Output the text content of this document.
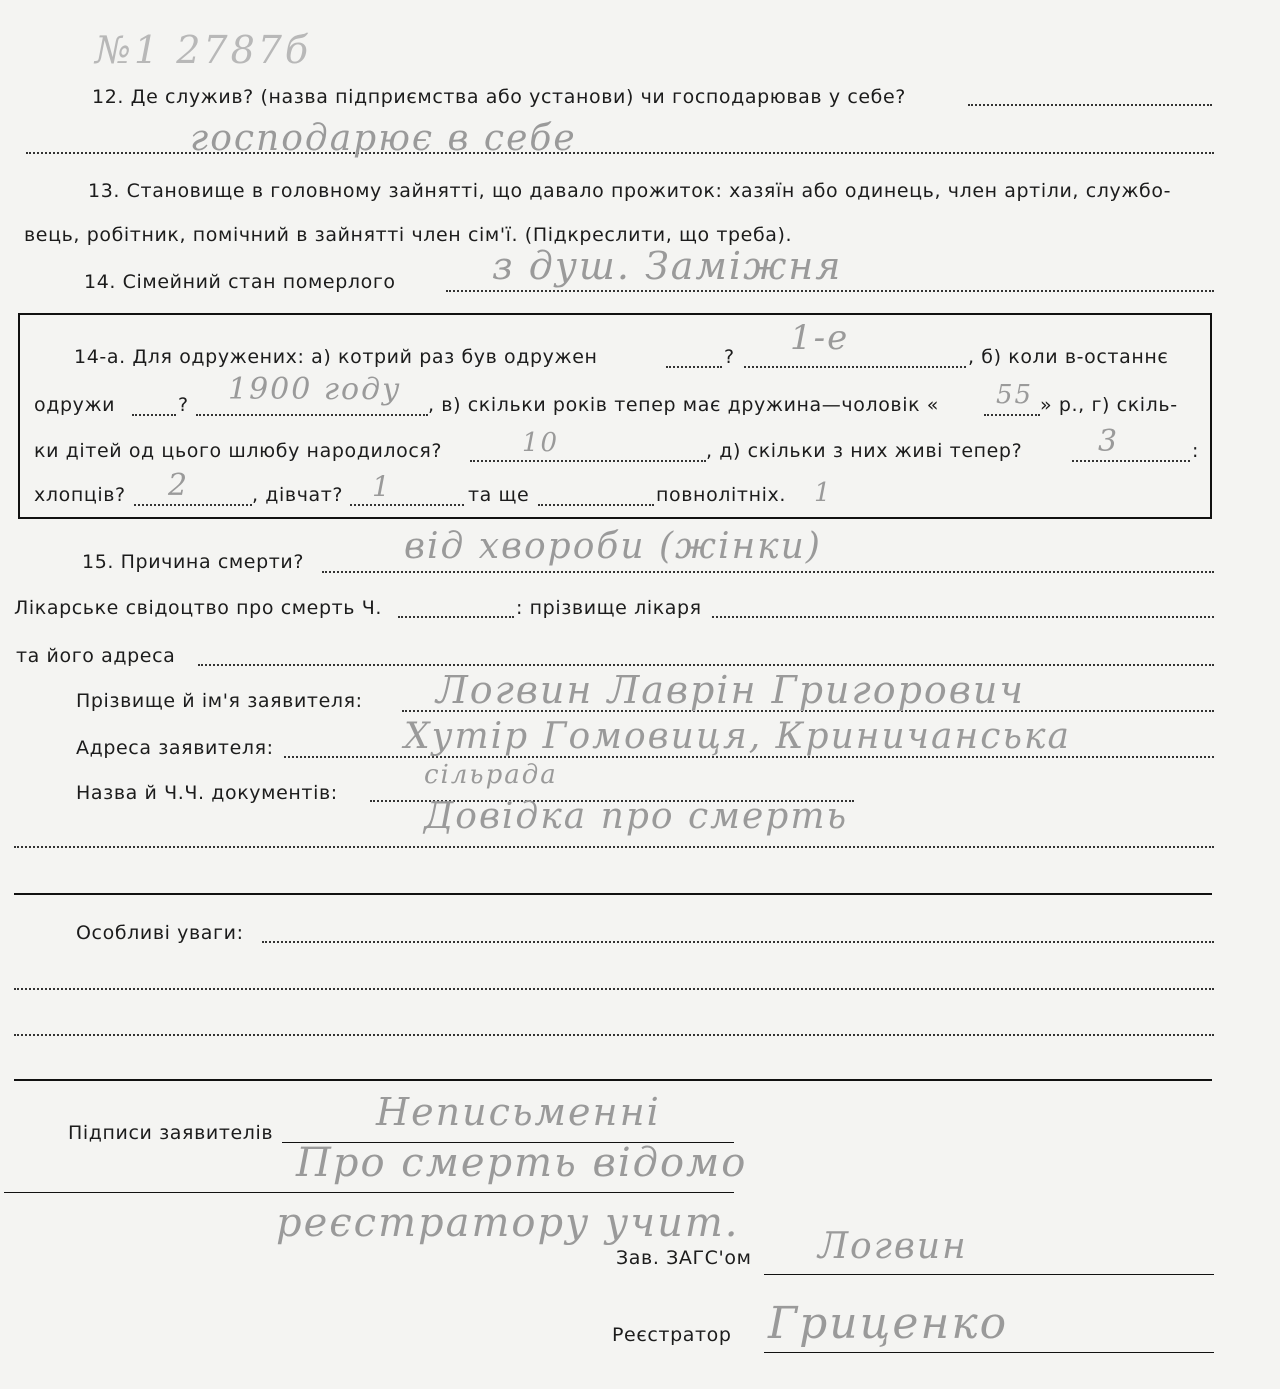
№1 2787б
12. Де служив? (назва підприємства або установи) чи господарював у себе?
господарює в себе
13. Становище в головному зайнятті, що давало прожиток: хазяїн або одинець, член артіли, службо-
вець, робітник, помічний в зайнятті член сім'ї. (Підкреслити, що треба).
14. Сімейний стан померлого	з душ. Заміжня
14-а. Для одружених: а) котрий раз був одружен	? 1-е	, б) коли в-останнє
одружи	? 1900 году , в) скільки років тепер має дружина—чоловік « 55 » р., г) скіль-
ки дітей од цього шлюбу народилося?	10	, д) скільки з них живі тепер?	3	:
хлопців? 2	, дівчат? 1	та ще	повнолітніх. 1
15. Причина смерти?	від хвороби (жінки)
Лікарське свідоцтво про смерть Ч.	: прізвище лікаря
та його адреса
Прізвище й ім'я заявителя: Логвин Лаврін Григорович
Адреса заявителя:	Хутір Гомовиця, Криничанська
сільрада
Назва й Ч.Ч. документів:
Довідка про смерть
Особливі уваги:
Підписи заявителів	Неписьменні
Про смерть відомо
реєстратору учит.
Зав. ЗАГС'ом Логвин
Реєстратор Гриценко
